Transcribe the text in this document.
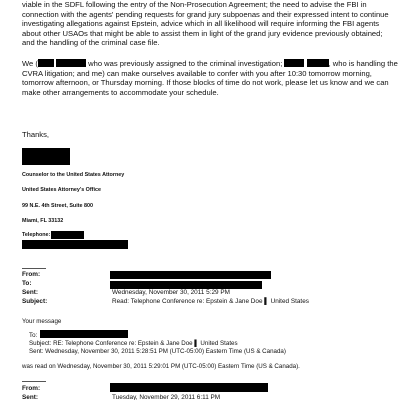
viable in the SDFL following the entry of the Non-Prosecution Agreement; the need to advise the FBI in
connection with the agents' pending requests for grand jury subpoenas and their expressed intent to continue
investigating allegations against Epstein, advice which in all likelihood will require informing the FBI agents
about other USAOs that might be able to assist them in light of the grand jury evidence previously obtained;
and the handling of the criminal case file.
We (	who was previously assigned to the criminal investigation;	, who is handling the
CVRA litigation; and me) can make ourselves available to confer with you after 10:30 tomorrow morning,
tomorrow afternoon, or Thursday morning. If those blocks of time do not work, please let us know and we can
make other arrangements to accommodate your schedule.
Thanks,
Counselor to the United States Attorney
United States Attorney's Office
99 N.E. 4th Street, Suite 800
Miami, FL 33132
Telephone:
From:
To:
Sent:	Wednesday, November 30, 2011 5:29 PM
Subject:	Read: Telephone Conference re: Epstein & Jane Doe ▌ United States
Your message
To:
Subject: RE: Telephone Conference re: Epstein & Jane Doe ▌ United States
Sent: Wednesday, November 30, 2011 5:28:51 PM (UTC-05:00) Eastern Time (US & Canada)
was read on Wednesday, November 30, 2011 5:29:01 PM (UTC-05:00) Eastern Time (US & Canada).
From:
Sent:	Tuesday, November 29, 2011 6:11 PM
